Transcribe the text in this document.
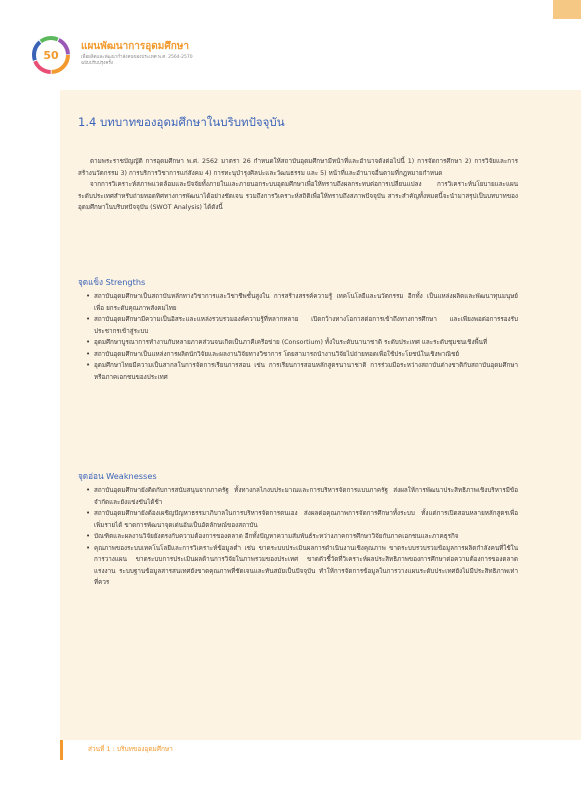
50
แผนพัฒนาการอุดมศึกษา
เพื่อผลิตและพัฒนากำลังคนของประเทศ พ.ศ. 2564-2570
ฉบับปรับปรุงครั้ง
1.4 บทบาทของอุดมศึกษาในบริบทปัจจุบัน

ตามพระราชบัญญัติ การอุดมศึกษา พ.ศ. 2562 มาตรา 26 กำหนดให้สถาบันอุดมศึกษามีหน้าที่และอำนาจดังต่อไปนี้ 1) การจัดการศึกษา 2) การวิจัยและการสร้างนวัตกรรม 3) การบริการวิชาการแก่สังคม 4) การทะนุบำรุงศิลปะและวัฒนธรรม และ 5) หน้าที่และอำนาจอื่นตามที่กฎหมายกำหนด

จากการวิเคราะห์สภาพแวดล้อมและปัจจัยทั้งภายในและภายนอกระบบอุดมศึกษาเพื่อให้ทราบถึงผลกระทบต่อการเปลี่ยนแปลง การวิเคราะห์นโยบายและแผนระดับประเทศสำหรับถ่ายทอดทิศทางการพัฒนาได้อย่างชัดเจน รวมถึงการวิเคราะห์สถิติเพื่อให้ทราบถึงสภาพปัจจุบัน สาระสำคัญทั้งหมดนี้จะนำมาสรุปเป็นบทบาทของอุดมศึกษาในบริบทปัจจุบัน (SWOT Analysis) ได้ดังนี้

จุดแข็ง Strengths
• สถาบันอุดมศึกษาเป็นสถาบันหลักทางวิชาการและวิชาชีพชั้นสูงใน การสร้างสรรค์ความรู้ เทคโนโลยีและนวัตกรรม อีกทั้ง เป็นแหล่งผลิตและพัฒนาทุนมนุษย์เพื่อ ยกระดับคุณภาพสังคมไทย
• สถาบันอุดมศึกษามีความเป็นอิสระและแหล่งรวบรวมองค์ความรู้ที่หลากหลาย เปิดกว้างทางโอกาสต่อการเข้าถึงทางการศึกษา และเพียงพอต่อการรองรับประชากรเข้าสู่ระบบ
• อุดมศึกษาบูรณาการทำงานกับหลายภาคส่วนจนเกิดเป็นภาคีเครือข่าย (Consortium) ทั้งในระดับนานาชาติ ระดับประเทศ และระดับชุมชนเชิงพื้นที่
• สถาบันอุดมศึกษาเป็นแหล่งการผลิตนักวิจัยและผลงานวิจัยทางวิชาการ โดยสามารถนำงานวิจัยไปถ่ายทอดเพื่อใช้ประโยชน์ในเชิงพาณิชย์
• อุดมศึกษาไทยมีความเป็นสากลในการจัดการเรียนการสอน เช่น การเรียนการสอนหลักสูตรนานาชาติ การร่วมมือระหว่างสถาบันต่างชาติกับสถาบันอุดมศึกษาหรือภาคเอกชนของประเทศ
จุดอ่อน Weaknesses
• สถาบันอุดมศึกษายังติดกับการสนับสนุนจากภาครัฐ ทั้งทางกลไกงบประมาณและการบริหารจัดการแบบภาครัฐ ส่งผลให้การพัฒนาประสิทธิภาพเชิงบริหารมีข้อจำกัดและยังแข่งขันได้ช้า
• สถาบันอุดมศึกษายังต้องเผชิญปัญหาธรรมาภิบาลในการบริหารจัดการตนเอง ส่งผลต่อคุณภาพการจัดการศึกษาทั้งระบบ ทั้งแต่การเปิดสอนหลายหลักสูตรเพื่อเพิ่มรายได้ ขาดการพัฒนาจุดเด่นอันเป็นอัตลักษณ์ของสถาบัน
• บัณฑิตและผลงานวิจัยยังตรงกับความต้องการของตลาด อีกทั้งปัญหาความสัมพันธ์ระหว่างภาคการศึกษาวิจัยกับภาคเอกชนและภาคธุรกิจ
• คุณภาพของระบบเทคโนโลยีและการวิเคราะห์ข้อมูลต่ำ เช่น ขาดระบบประเมินผลการดำเนินงานเชิงคุณภาพ ขาดระบบรวบรวมข้อมูลการผลิตกำลังคนที่ใช้ในการวางแผน ขาดระบบการประเมินผลด้านการวิจัยในภาพรวมของประเทศ ขาดตัวชี้วัดที่วิเคราะห์ผลประสิทธิภาพของการศึกษาต่อความต้องการของตลาดแรงงาน ระบบฐานข้อมูลสารสนเทศยังขาดคุณภาพที่ชัดเจนและทันสมัยเป็นปัจจุบัน ทำให้การจัดการข้อมูลในการวางแผนระดับประเทศยังไม่มีประสิทธิภาพเท่าที่ควร
ส่วนที่ 1 : บริบทของอุดมศึกษา
